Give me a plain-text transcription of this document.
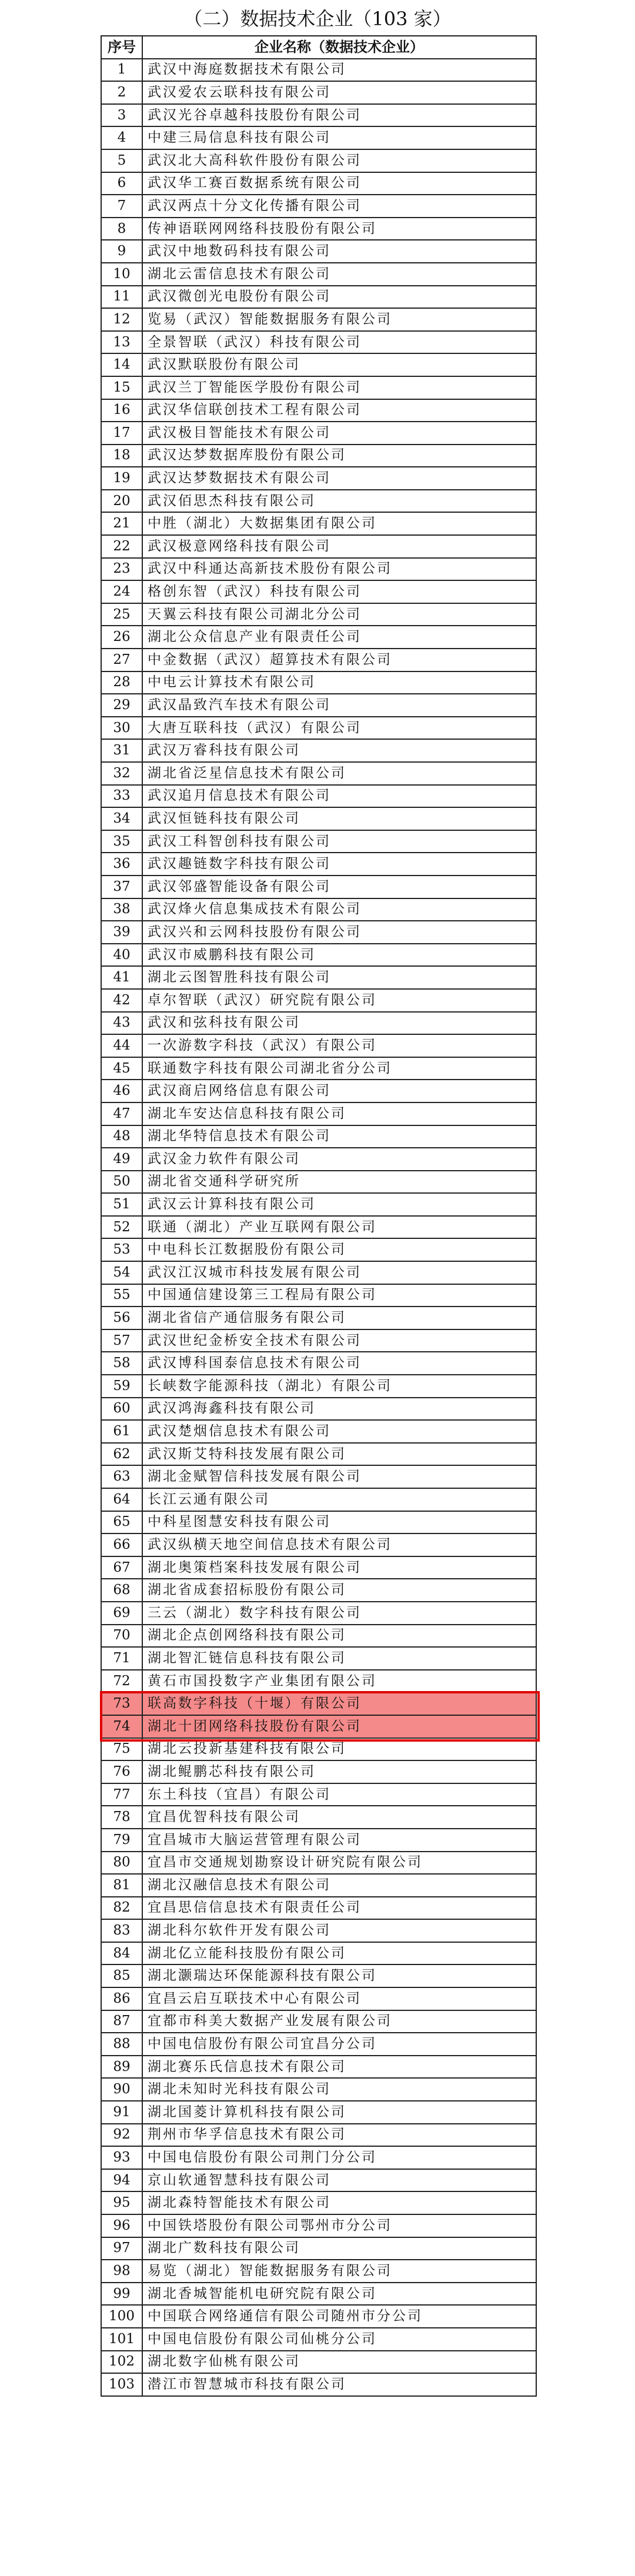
（二）数据技术企业（103 家）
序号	企业名称（数据技术企业）
1	武汉中海庭数据技术有限公司
2	武汉爱农云联科技有限公司
3	武汉光谷卓越科技股份有限公司
4	中建三局信息科技有限公司
5	武汉北大高科软件股份有限公司
6	武汉华工赛百数据系统有限公司
7	武汉两点十分文化传播有限公司
8	传神语联网网络科技股份有限公司
9	武汉中地数码科技有限公司
10	湖北云雷信息技术有限公司
11	武汉微创光电股份有限公司
12	览易（武汉）智能数据服务有限公司
13	全景智联（武汉）科技有限公司
14	武汉默联股份有限公司
15	武汉兰丁智能医学股份有限公司
16	武汉华信联创技术工程有限公司
17	武汉极目智能技术有限公司
18	武汉达梦数据库股份有限公司
19	武汉达梦数据技术有限公司
20	武汉佰思杰科技有限公司
21	中胜（湖北）大数据集团有限公司
22	武汉极意网络科技有限公司
23	武汉中科通达高新技术股份有限公司
24	格创东智（武汉）科技有限公司
25	天翼云科技有限公司湖北分公司
26	湖北公众信息产业有限责任公司
27	中金数据（武汉）超算技术有限公司
28	中电云计算技术有限公司
29	武汉晶致汽车技术有限公司
30	大唐互联科技（武汉）有限公司
31	武汉万睿科技有限公司
32	湖北省泛星信息技术有限公司
33	武汉追月信息技术有限公司
34	武汉恒链科技有限公司
35	武汉工科智创科技有限公司
36	武汉趣链数字科技有限公司
37	武汉邻盛智能设备有限公司
38	武汉烽火信息集成技术有限公司
39	武汉兴和云网科技股份有限公司
40	武汉市威鹏科技有限公司
41	湖北云图智胜科技有限公司
42	卓尔智联（武汉）研究院有限公司
43	武汉和弦科技有限公司
44	一次游数字科技（武汉）有限公司
45	联通数字科技有限公司湖北省分公司
46	武汉商启网络信息有限公司
47	湖北车安达信息科技有限公司
48	湖北华特信息技术有限公司
49	武汉金力软件有限公司
50	湖北省交通科学研究所
51	武汉云计算科技有限公司
52	联通（湖北）产业互联网有限公司
53	中电科长江数据股份有限公司
54	武汉江汉城市科技发展有限公司
55	中国通信建设第三工程局有限公司
56	湖北省信产通信服务有限公司
57	武汉世纪金桥安全技术有限公司
58	武汉博科国泰信息技术有限公司
59	长峡数字能源科技（湖北）有限公司
60	武汉鸿海鑫科技有限公司
61	武汉楚烟信息技术有限公司
62	武汉斯艾特科技发展有限公司
63	湖北金赋智信科技发展有限公司
64	长江云通有限公司
65	中科星图慧安科技有限公司
66	武汉纵横天地空间信息技术有限公司
67	湖北奥策档案科技发展有限公司
68	湖北省成套招标股份有限公司
69	三云（湖北）数字科技有限公司
70	湖北企点创网络科技有限公司
71	湖北智汇链信息科技有限公司
72	黄石市国投数字产业集团有限公司
73	联高数字科技（十堰）有限公司
74	湖北十团网络科技股份有限公司
75	湖北云投新基建科技有限公司
76	湖北鲲鹏芯科技有限公司
77	东土科技（宜昌）有限公司
78	宜昌优智科技有限公司
79	宜昌城市大脑运营管理有限公司
80	宜昌市交通规划勘察设计研究院有限公司
81	湖北汉融信息技术有限公司
82	宜昌思信信息技术有限责任公司
83	湖北科尔软件开发有限公司
84	湖北亿立能科技股份有限公司
85	湖北灏瑞达环保能源科技有限公司
86	宜昌云启互联技术中心有限公司
87	宜都市科美大数据产业发展有限公司
88	中国电信股份有限公司宜昌分公司
89	湖北赛乐氏信息技术有限公司
90	湖北未知时光科技有限公司
91	湖北国菱计算机科技有限公司
92	荆州市华孚信息技术有限公司
93	中国电信股份有限公司荆门分公司
94	京山软通智慧科技有限公司
95	湖北森特智能技术有限公司
96	中国铁塔股份有限公司鄂州市分公司
97	湖北广数科技有限公司
98	易览（湖北）智能数据服务有限公司
99	湖北香城智能机电研究院有限公司
100	中国联合网络通信有限公司随州市分公司
101	中国电信股份有限公司仙桃分公司
102	湖北数字仙桃有限公司
103	潜江市智慧城市科技有限公司
